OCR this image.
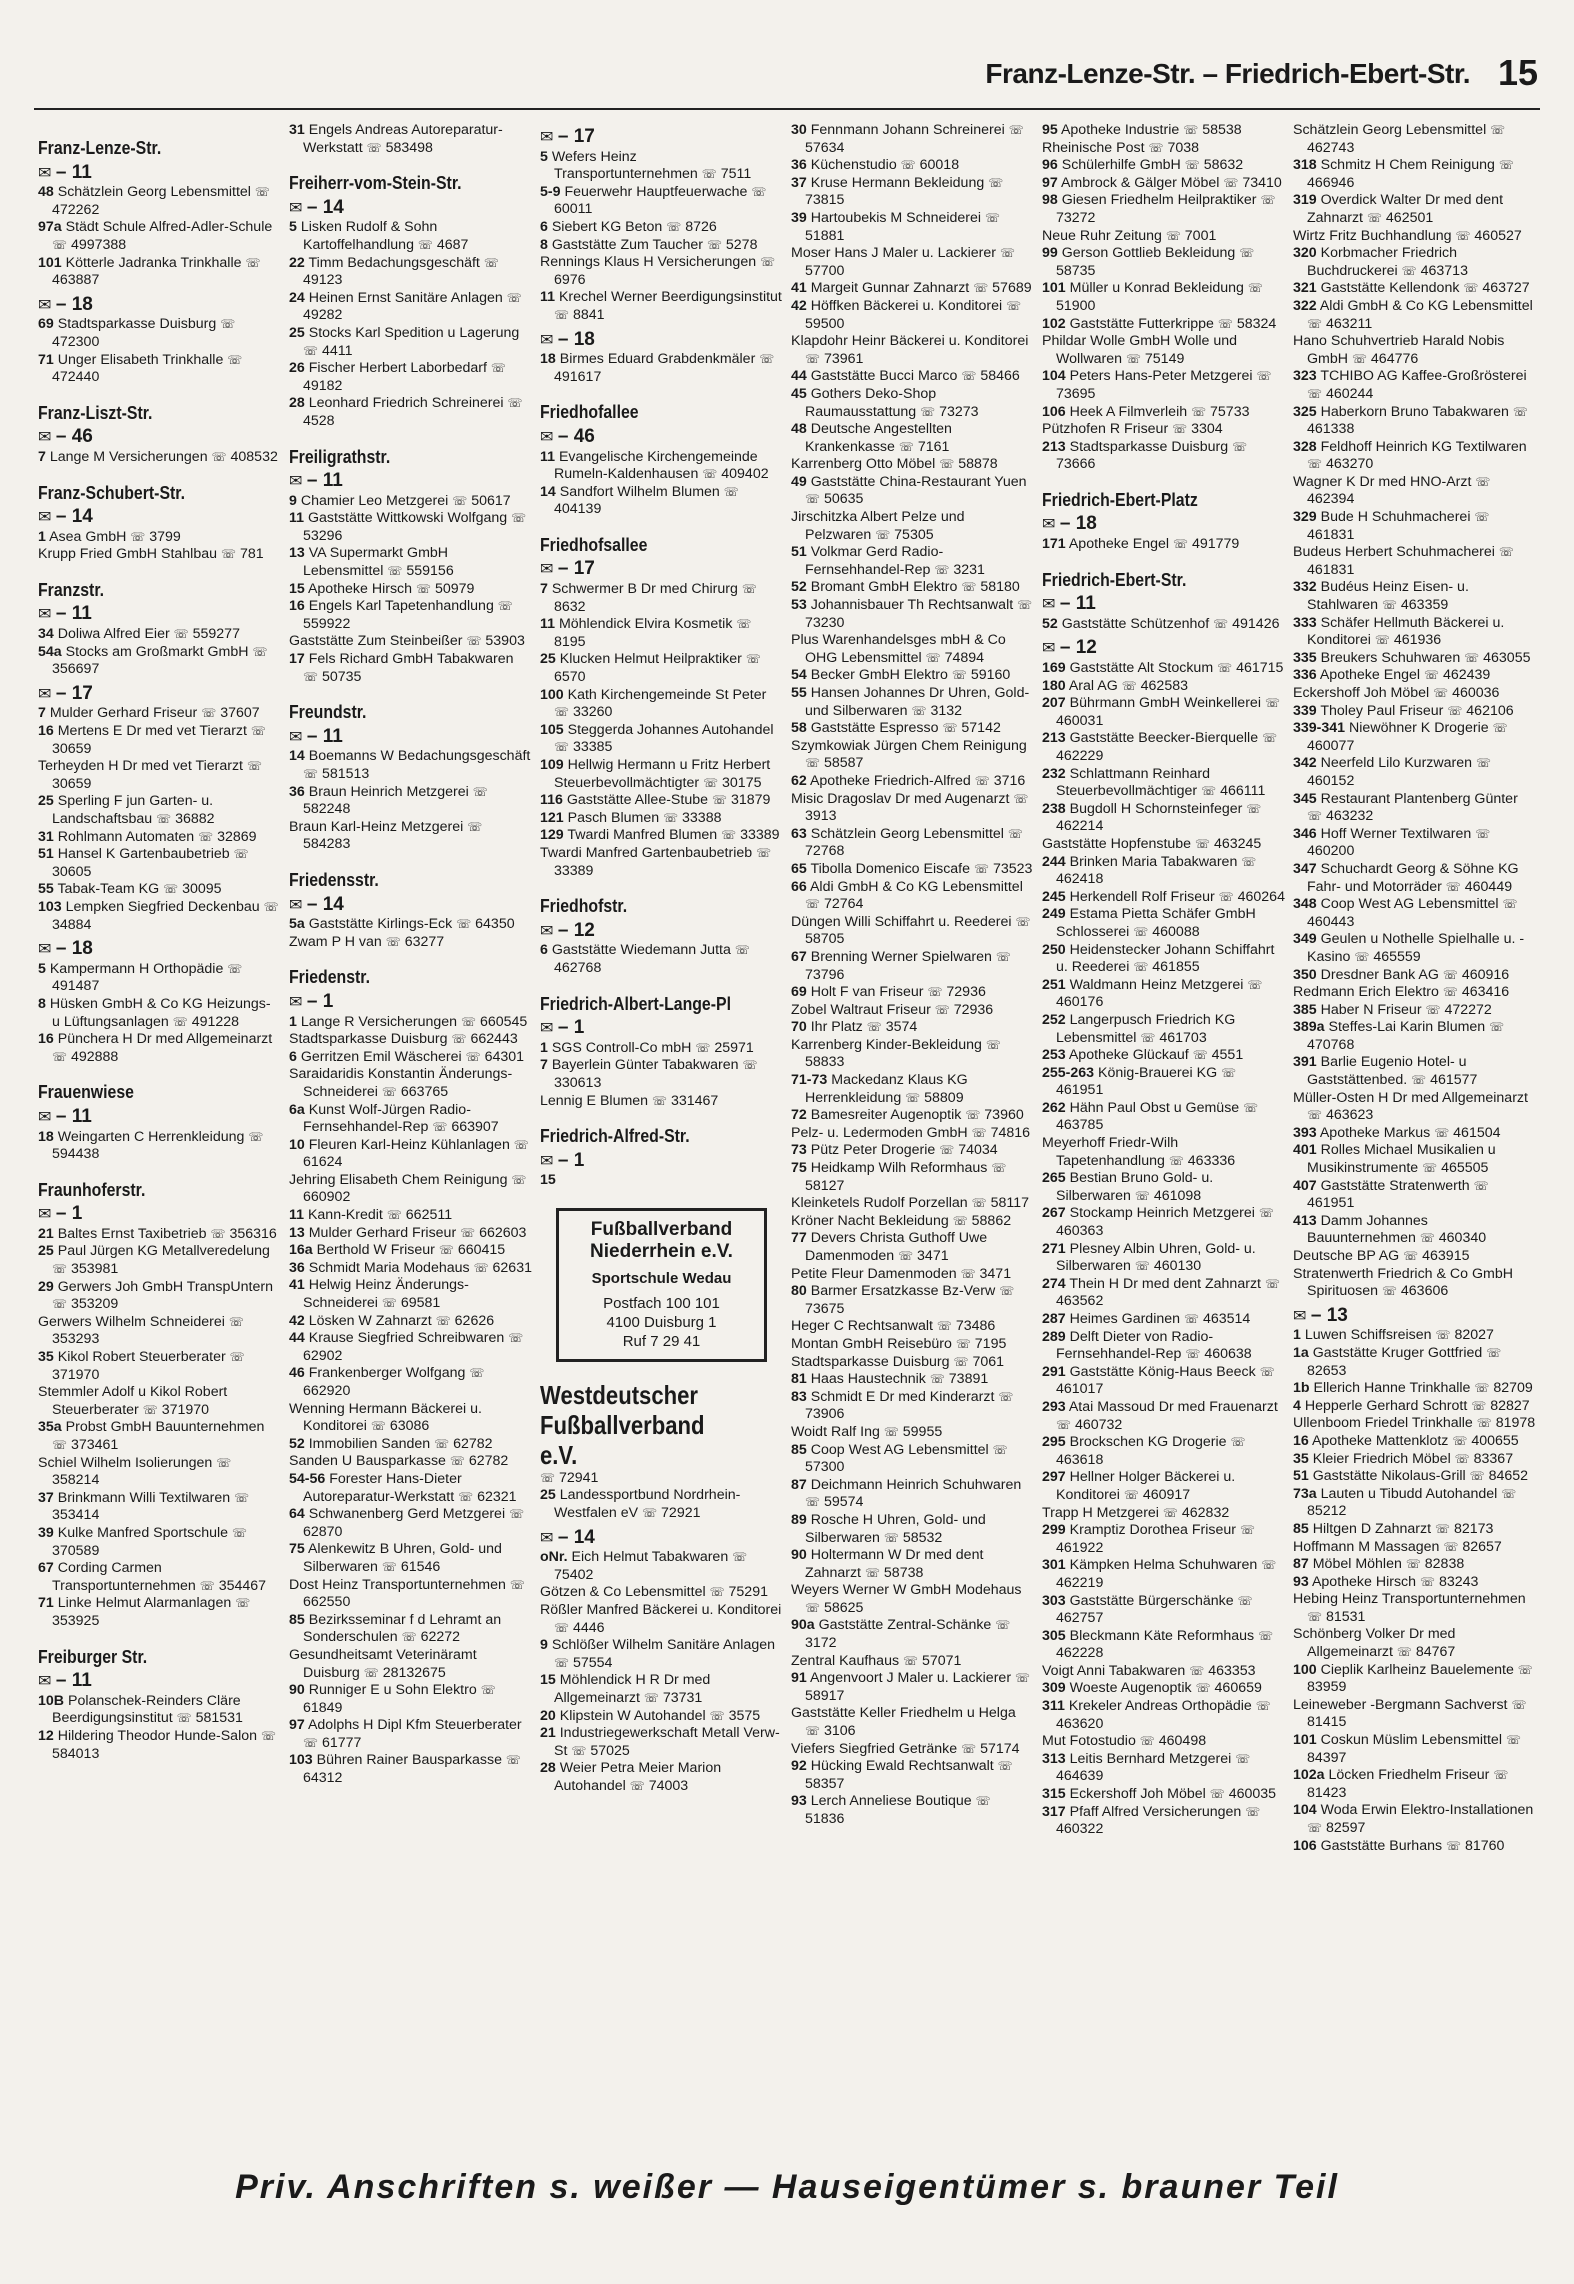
Franz-Lenze-Str. – Friedrich-Ebert-Str. 15
Franz-Lenze-Str.
✉ – 11
48 Schätzlein Georg Lebensmittel ☏ 472262
97a Städt Schule Alfred-Adler-Schule ☏ 4997388
101 Kötterle Jadranka Trinkhalle ☏ 463887
✉ – 18
69 Stadtsparkasse Duisburg ☏ 472300
71 Unger Elisabeth Trinkhalle ☏ 472440
Franz-Liszt-Str.
✉ – 46
7 Lange M Versicherungen ☏ 408532
Franz-Schubert-Str.
✉ – 14
1 Asea GmbH ☏ 3799
Krupp Fried GmbH Stahlbau ☏ 781
Franzstr.
✉ – 11
34 Doliwa Alfred Eier ☏ 559277
54a Stocks am Großmarkt GmbH ☏ 356697
✉ – 17
7 Mulder Gerhard Friseur ☏ 37607
16 Mertens E Dr med vet Tierarzt ☏ 30659
Terheyden H Dr med vet Tierarzt ☏ 30659
25 Sperling F jun Garten- u. Landschaftsbau ☏ 36882
31 Rohlmann Automaten ☏ 32869
51 Hansel K Gartenbaubetrieb ☏ 30605
55 Tabak-Team KG ☏ 30095
103 Lempken Siegfried Deckenbau ☏ 34884
✉ – 18
5 Kampermann H Orthopädie ☏ 491487
8 Hüsken GmbH & Co KG Heizungs- u Lüftungsanlagen ☏ 491228
16 Pünchera H Dr med Allgemeinarzt ☏ 492888
Frauenwiese
✉ – 11
18 Weingarten C Herrenkleidung ☏ 594438
Fraunhoferstr.
✉ – 1
21 Baltes Ernst Taxibetrieb ☏ 356316
25 Paul Jürgen KG Metallveredelung ☏ 353981
29 Gerwers Joh GmbH TranspUntern ☏ 353209
Gerwers Wilhelm Schneiderei ☏ 353293
35 Kikol Robert Steuerberater ☏ 371970
Stemmler Adolf u Kikol Robert Steuerberater ☏ 371970
35a Probst GmbH Bauunternehmen ☏ 373461
Schiel Wilhelm Isolierungen ☏ 358214
37 Brinkmann Willi Textilwaren ☏ 353414
39 Kulke Manfred Sportschule ☏ 370589
67 Cording Carmen Transportunternehmen ☏ 354467
71 Linke Helmut Alarmanlagen ☏ 353925
Freiburger Str.
✉ – 11
10B Polanschek-Reinders Cläre Beerdigungsinstitut ☏ 581531
12 Hildering Theodor Hunde-Salon ☏ 584013
31 Engels Andreas Autoreparatur-Werkstatt ☏ 583498
Freiherr-vom-Stein-Str.
✉ – 14
5 Lisken Rudolf & Sohn Kartoffelhandlung ☏ 4687
22 Timm Bedachungsgeschäft ☏ 49123
24 Heinen Ernst Sanitäre Anlagen ☏ 49282
25 Stocks Karl Spedition u Lagerung ☏ 4411
26 Fischer Herbert Laborbedarf ☏ 49182
28 Leonhard Friedrich Schreinerei ☏ 4528
Freiligrathstr.
✉ – 11
9 Chamier Leo Metzgerei ☏ 50617
11 Gaststätte Wittkowski Wolfgang ☏ 53296
13 VA Supermarkt GmbH Lebensmittel ☏ 559156
15 Apotheke Hirsch ☏ 50979
16 Engels Karl Tapetenhandlung ☏ 559922
Gaststätte Zum Steinbeißer ☏ 53903
17 Fels Richard GmbH Tabakwaren ☏ 50735
Freundstr.
✉ – 11
14 Boemanns W Bedachungsgeschäft ☏ 581513
36 Braun Heinrich Metzgerei ☏ 582248
Braun Karl-Heinz Metzgerei ☏ 584283
Friedensstr.
✉ – 14
5a Gaststätte Kirlings-Eck ☏ 64350
Zwam P H van ☏ 63277
Friedenstr.
✉ – 1
1 Lange R Versicherungen ☏ 660545
Stadtsparkasse Duisburg ☏ 662443
6 Gerritzen Emil Wäscherei ☏ 64301
Saraidaridis Konstantin Änderungs-Schneiderei ☏ 663765
6a Kunst Wolf-Jürgen Radio-Fernsehhandel-Rep ☏ 663907
10 Fleuren Karl-Heinz Kühlanlagen ☏ 61624
Jehring Elisabeth Chem Reinigung ☏ 660902
11 Kann-Kredit ☏ 662511
13 Mulder Gerhard Friseur ☏ 662603
16a Berthold W Friseur ☏ 660415
36 Schmidt Maria Modehaus ☏ 62631
41 Helwig Heinz Änderungs-Schneiderei ☏ 69581
42 Lösken W Zahnarzt ☏ 62626
44 Krause Siegfried Schreibwaren ☏ 62902
46 Frankenberger Wolfgang ☏ 662920
Wenning Hermann Bäckerei u. Konditorei ☏ 63086
52 Immobilien Sanden ☏ 62782
Sanden U Bausparkasse ☏ 62782
54-56 Forester Hans-Dieter Autoreparatur-Werkstatt ☏ 62321
64 Schwanenberg Gerd Metzgerei ☏ 62870
75 Alenkewitz B Uhren, Gold- und Silberwaren ☏ 61546
Dost Heinz Transportunternehmen ☏ 662550
85 Bezirksseminar f d Lehramt an Sonderschulen ☏ 62272
Gesundheitsamt Veterinäramt Duisburg ☏ 28132675
90 Runniger E u Sohn Elektro ☏ 61849
97 Adolphs H Dipl Kfm Steuerberater ☏ 61777
103 Bühren Rainer Bausparkasse ☏ 64312
✉ – 17
5 Wefers Heinz Transportunternehmen ☏ 7511
5-9 Feuerwehr Hauptfeuerwache ☏ 60011
6 Siebert KG Beton ☏ 8726
8 Gaststätte Zum Taucher ☏ 5278
Rennings Klaus H Versicherungen ☏ 6976
11 Krechel Werner Beerdigungsinstitut ☏ 8841
✉ – 18
18 Birmes Eduard Grabdenkmäler ☏ 491617
Friedhofallee
✉ – 46
11 Evangelische Kirchengemeinde Rumeln-Kaldenhausen ☏ 409402
14 Sandfort Wilhelm Blumen ☏ 404139
Friedhofsallee
✉ – 17
7 Schwermer B Dr med Chirurg ☏ 8632
11 Möhlendick Elvira Kosmetik ☏ 8195
25 Klucken Helmut Heilpraktiker ☏ 6570
100 Kath Kirchengemeinde St Peter ☏ 33260
105 Steggerda Johannes Autohandel ☏ 33385
109 Hellwig Hermann u Fritz Herbert Steuerbevollmächtigter ☏ 30175
116 Gaststätte Allee-Stube ☏ 31879
121 Pasch Blumen ☏ 33388
129 Twardi Manfred Blumen ☏ 33389
Twardi Manfred Gartenbaubetrieb ☏ 33389
Friedhofstr.
✉ – 12
6 Gaststätte Wiedemann Jutta ☏ 462768
Friedrich-Albert-Lange-Pl
✉ – 1
1 SGS Controll-Co mbH ☏ 25971
7 Bayerlein Günter Tabakwaren ☏ 330613
Lennig E Blumen ☏ 331467
Friedrich-Alfred-Str.
✉ – 1
15
Fußballverband
Niederrhein e.V.
Sportschule Wedau
Postfach 100 101
4100 Duisburg 1
Ruf 7 29 41
Westdeutscher Fußballverband e.V.
☏ 72941
25 Landessportbund Nordrhein-Westfalen eV ☏ 72921
✉ – 14
oNr. Eich Helmut Tabakwaren ☏ 75402
Götzen & Co Lebensmittel ☏ 75291
Rößler Manfred Bäckerei u. Konditorei ☏ 4446
9 Schlößer Wilhelm Sanitäre Anlagen ☏ 57554
15 Möhlendick H R Dr med Allgemeinarzt ☏ 73731
20 Klipstein W Autohandel ☏ 3575
21 Industriegewerkschaft Metall Verw-St ☏ 57025
28 Weier Petra Meier Marion Autohandel ☏ 74003
30 Fennmann Johann Schreinerei ☏ 57634
36 Küchenstudio ☏ 60018
37 Kruse Hermann Bekleidung ☏ 73815
39 Hartoubekis M Schneiderei ☏ 51881
Moser Hans J Maler u. Lackierer ☏ 57700
41 Margeit Gunnar Zahnarzt ☏ 57689
42 Höffken Bäckerei u. Konditorei ☏ 59500
Klapdohr Heinr Bäckerei u. Konditorei ☏ 73961
44 Gaststätte Bucci Marco ☏ 58466
45 Gothers Deko-Shop Raumausstattung ☏ 73273
48 Deutsche Angestellten Krankenkasse ☏ 7161
Karrenberg Otto Möbel ☏ 58878
49 Gaststätte China-Restaurant Yuen ☏ 50635
Jirschitzka Albert Pelze und Pelzwaren ☏ 75305
51 Volkmar Gerd Radio-Fernsehhandel-Rep ☏ 3231
52 Bromant GmbH Elektro ☏ 58180
53 Johannisbauer Th Rechtsanwalt ☏ 73230
Plus Warenhandelsges mbH & Co OHG Lebensmittel ☏ 74894
54 Becker GmbH Elektro ☏ 59160
55 Hansen Johannes Dr Uhren, Gold- und Silberwaren ☏ 3132
58 Gaststätte Espresso ☏ 57142
Szymkowiak Jürgen Chem Reinigung ☏ 58587
62 Apotheke Friedrich-Alfred ☏ 3716
Misic Dragoslav Dr med Augenarzt ☏ 3913
63 Schätzlein Georg Lebensmittel ☏ 72768
65 Tibolla Domenico Eiscafe ☏ 73523
66 Aldi GmbH & Co KG Lebensmittel ☏ 72764
Düngen Willi Schiffahrt u. Reederei ☏ 58705
67 Brenning Werner Spielwaren ☏ 73796
69 Holt F van Friseur ☏ 72936
Zobel Waltraut Friseur ☏ 72936
70 Ihr Platz ☏ 3574
Karrenberg Kinder-Bekleidung ☏ 58833
71-73 Mackedanz Klaus KG Herrenkleidung ☏ 58809
72 Bamesreiter Augenoptik ☏ 73960
Pelz- u. Ledermoden GmbH ☏ 74816
73 Pütz Peter Drogerie ☏ 74034
75 Heidkamp Wilh Reformhaus ☏ 58127
Kleinketels Rudolf Porzellan ☏ 58117
Kröner Nacht Bekleidung ☏ 58862
77 Devers Christa Guthoff Uwe Damenmoden ☏ 3471
Petite Fleur Damenmoden ☏ 3471
80 Barmer Ersatzkasse Bz-Verw ☏ 73675
Heger C Rechtsanwalt ☏ 73486
Montan GmbH Reisebüro ☏ 7195
Stadtsparkasse Duisburg ☏ 7061
81 Haas Haustechnik ☏ 73891
83 Schmidt E Dr med Kinderarzt ☏ 73906
Woidt Ralf Ing ☏ 59955
85 Coop West AG Lebensmittel ☏ 57300
87 Deichmann Heinrich Schuhwaren ☏ 59574
89 Rosche H Uhren, Gold- und Silberwaren ☏ 58532
90 Holtermann W Dr med dent Zahnarzt ☏ 58738
Weyers Werner W GmbH Modehaus ☏ 58625
90a Gaststätte Zentral-Schänke ☏ 3172
Zentral Kaufhaus ☏ 57071
91 Angenvoort J Maler u. Lackierer ☏ 58917
Gaststätte Keller Friedhelm u Helga ☏ 3106
Viefers Siegfried Getränke ☏ 57174
92 Hücking Ewald Rechtsanwalt ☏ 58357
93 Lerch Anneliese Boutique ☏ 51836
95 Apotheke Industrie ☏ 58538
Rheinische Post ☏ 7038
96 Schülerhilfe GmbH ☏ 58632
97 Ambrock & Gälger Möbel ☏ 73410
98 Giesen Friedhelm Heilpraktiker ☏ 73272
Neue Ruhr Zeitung ☏ 7001
99 Gerson Gottlieb Bekleidung ☏ 58735
101 Müller u Konrad Bekleidung ☏ 51900
102 Gaststätte Futterkrippe ☏ 58324
Phildar Wolle GmbH Wolle und Wollwaren ☏ 75149
104 Peters Hans-Peter Metzgerei ☏ 73695
106 Heek A Filmverleih ☏ 75733
Pützhofen R Friseur ☏ 3304
213 Stadtsparkasse Duisburg ☏ 73666
Friedrich-Ebert-Platz
✉ – 18
171 Apotheke Engel ☏ 491779
Friedrich-Ebert-Str.
✉ – 11
52 Gaststätte Schützenhof ☏ 491426
✉ – 12
169 Gaststätte Alt Stockum ☏ 461715
180 Aral AG ☏ 462583
207 Bührmann GmbH Weinkellerei ☏ 460031
213 Gaststätte Beecker-Bierquelle ☏ 462229
232 Schlattmann Reinhard Steuerbevollmächtiger ☏ 466111
238 Bugdoll H Schornsteinfeger ☏ 462214
Gaststätte Hopfenstube ☏ 463245
244 Brinken Maria Tabakwaren ☏ 462418
245 Herkendell Rolf Friseur ☏ 460264
249 Estama Pietta Schäfer GmbH Schlosserei ☏ 460088
250 Heidenstecker Johann Schiffahrt u. Reederei ☏ 461855
251 Waldmann Heinz Metzgerei ☏ 460176
252 Langerpusch Friedrich KG Lebensmittel ☏ 461703
253 Apotheke Glückauf ☏ 4551
255-263 König-Brauerei KG ☏ 461951
262 Hähn Paul Obst u Gemüse ☏ 463785
Meyerhoff Friedr-Wilh Tapetenhandlung ☏ 463336
265 Bestian Bruno Gold- u. Silberwaren ☏ 461098
267 Stockamp Heinrich Metzgerei ☏ 460363
271 Plesney Albin Uhren, Gold- u. Silberwaren ☏ 460130
274 Thein H Dr med dent Zahnarzt ☏ 463562
287 Heimes Gardinen ☏ 463514
289 Delft Dieter von Radio-Fernsehhandel-Rep ☏ 460638
291 Gaststätte König-Haus Beeck ☏ 461017
293 Atai Massoud Dr med Frauenarzt ☏ 460732
295 Brockschen KG Drogerie ☏ 463618
297 Hellner Holger Bäckerei u. Konditorei ☏ 460917
Trapp H Metzgerei ☏ 462832
299 Kramptiz Dorothea Friseur ☏ 461922
301 Kämpken Helma Schuhwaren ☏ 462219
303 Gaststätte Bürgerschänke ☏ 462757
305 Bleckmann Käte Reformhaus ☏ 462228
Voigt Anni Tabakwaren ☏ 463353
309 Woeste Augenoptik ☏ 460659
311 Krekeler Andreas Orthopädie ☏ 463620
Mut Fotostudio ☏ 460498
313 Leitis Bernhard Metzgerei ☏ 464639
315 Eckershoff Joh Möbel ☏ 460035
317 Pfaff Alfred Versicherungen ☏ 460322
Schätzlein Georg Lebensmittel ☏ 462743
318 Schmitz H Chem Reinigung ☏ 466946
319 Overdick Walter Dr med dent Zahnarzt ☏ 462501
Wirtz Fritz Buchhandlung ☏ 460527
320 Korbmacher Friedrich Buchdruckerei ☏ 463713
321 Gaststätte Kellendonk ☏ 463727
322 Aldi GmbH & Co KG Lebensmittel ☏ 463211
Hano Schuhvertrieb Harald Nobis GmbH ☏ 464776
323 TCHIBO AG Kaffee-Großrösterei ☏ 460244
325 Haberkorn Bruno Tabakwaren ☏ 461338
328 Feldhoff Heinrich KG Textilwaren ☏ 463270
Wagner K Dr med HNO-Arzt ☏ 462394
329 Bude H Schuhmacherei ☏ 461831
Budeus Herbert Schuhmacherei ☏ 461831
332 Budéus Heinz Eisen- u. Stahlwaren ☏ 463359
333 Schäfer Hellmuth Bäckerei u. Konditorei ☏ 461936
335 Breukers Schuhwaren ☏ 463055
336 Apotheke Engel ☏ 462439
Eckershoff Joh Möbel ☏ 460036
339 Tholey Paul Friseur ☏ 462106
339-341 Niewöhner K Drogerie ☏ 460077
342 Neerfeld Lilo Kurzwaren ☏ 460152
345 Restaurant Plantenberg Günter ☏ 463232
346 Hoff Werner Textilwaren ☏ 460200
347 Schuchardt Georg & Söhne KG Fahr- und Motorräder ☏ 460449
348 Coop West AG Lebensmittel ☏ 460443
349 Geulen u Nothelle Spielhalle u. -Kasino ☏ 465559
350 Dresdner Bank AG ☏ 460916
Redmann Erich Elektro ☏ 463416
385 Haber N Friseur ☏ 472272
389a Steffes-Lai Karin Blumen ☏ 470768
391 Barlie Eugenio Hotel- u Gaststättenbed. ☏ 461577
Müller-Osten H Dr med Allgemeinarzt ☏ 463623
393 Apotheke Markus ☏ 461504
401 Rolles Michael Musikalien u Musikinstrumente ☏ 465505
407 Gaststätte Stratenwerth ☏ 461951
413 Damm Johannes Bauunternehmen ☏ 460340
Deutsche BP AG ☏ 463915
Stratenwerth Friedrich & Co GmbH Spirituosen ☏ 463606
✉ – 13
1 Luwen Schiffsreisen ☏ 82027
1a Gaststätte Kruger Gottfried ☏ 82653
1b Ellerich Hanne Trinkhalle ☏ 82709
4 Hepperle Gerhard Schrott ☏ 82827
Ullenboom Friedel Trinkhalle ☏ 81978
16 Apotheke Mattenklotz ☏ 400655
35 Kleier Friedrich Möbel ☏ 83367
51 Gaststätte Nikolaus-Grill ☏ 84652
73a Lauten u Tibudd Autohandel ☏ 85212
85 Hiltgen D Zahnarzt ☏ 82173
Hoffmann M Massagen ☏ 82657
87 Möbel Möhlen ☏ 82838
93 Apotheke Hirsch ☏ 83243
Hebing Heinz Transportunternehmen ☏ 81531
Schönberg Volker Dr med Allgemeinarzt ☏ 84767
100 Cieplik Karlheinz Bauelemente ☏ 83959
Leineweber -Bergmann Sachverst ☏ 81415
101 Coskun Müslim Lebensmittel ☏ 84397
102a Löcken Friedhelm Friseur ☏ 81423
104 Woda Erwin Elektro-Installationen ☏ 82597
106 Gaststätte Burhans ☏ 81760
Priv. Anschriften s. weißer — Hauseigentümer s. brauner Teil
